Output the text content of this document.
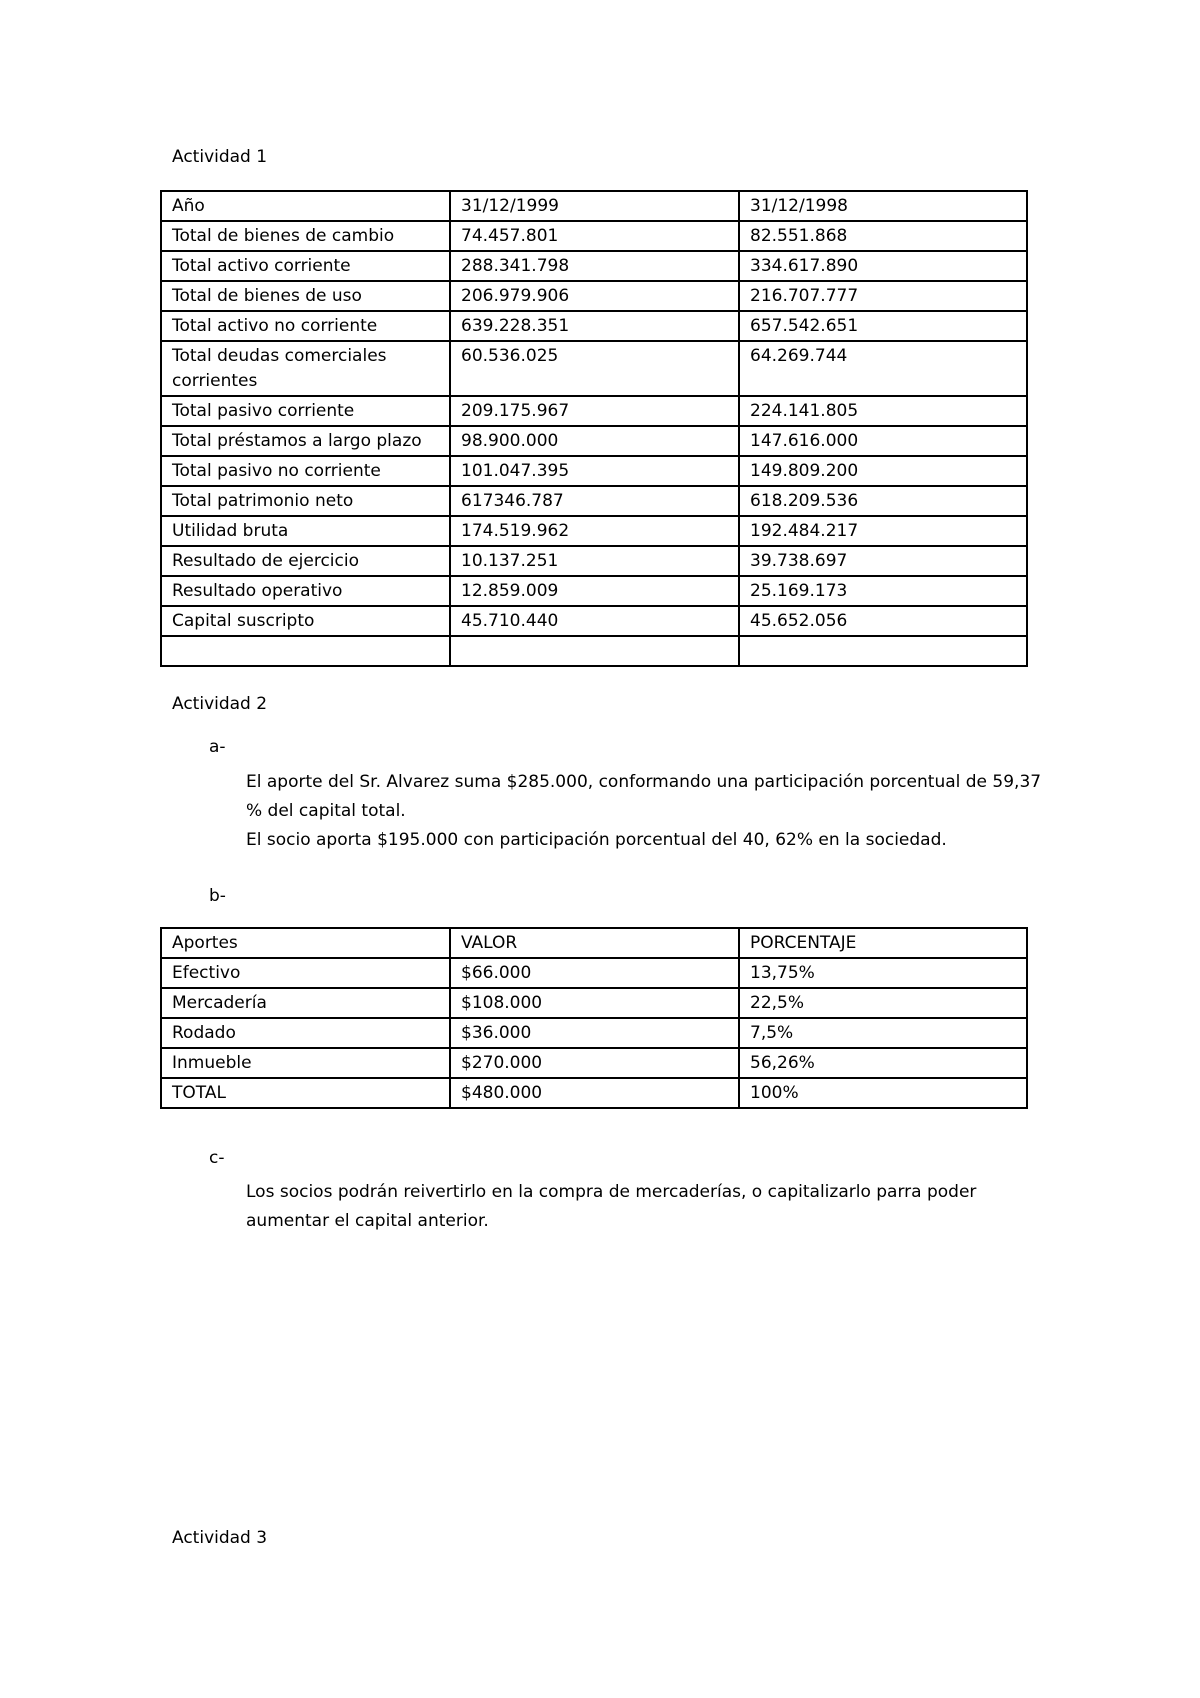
Actividad 1
Año	31/12/1999	31/12/1998
Total de bienes de cambio	74.457.801	82.551.868
Total activo corriente	288.341.798	334.617.890
Total de bienes de uso	206.979.906	216.707.777
Total activo no corriente	639.228.351	657.542.651
Total deudas comerciales corrientes	60.536.025	64.269.744
Total pasivo corriente	209.175.967	224.141.805
Total préstamos a largo plazo	98.900.000	147.616.000
Total pasivo no corriente	101.047.395	149.809.200
Total patrimonio neto	617346.787	618.209.536
Utilidad bruta	174.519.962	192.484.217
Resultado de ejercicio	10.137.251	39.738.697
Resultado operativo	12.859.009	25.169.173
Capital suscripto	45.710.440	45.652.056

Actividad 2
a-
El aporte del Sr. Alvarez suma $285.000, conformando una participación porcentual de 59,37 % del capital total.
El socio aporta $195.000 con participación porcentual del 40, 62% en la sociedad.
b-
Aportes	VALOR	PORCENTAJE
Efectivo	$66.000	13,75%
Mercadería	$108.000	22,5%
Rodado	$36.000	7,5%
Inmueble	$270.000	56,26%
TOTAL	$480.000	100%
c-
Los socios podrán reivertirlo en la compra de mercaderías, o capitalizarlo parra poder aumentar el capital anterior.
Actividad 3
